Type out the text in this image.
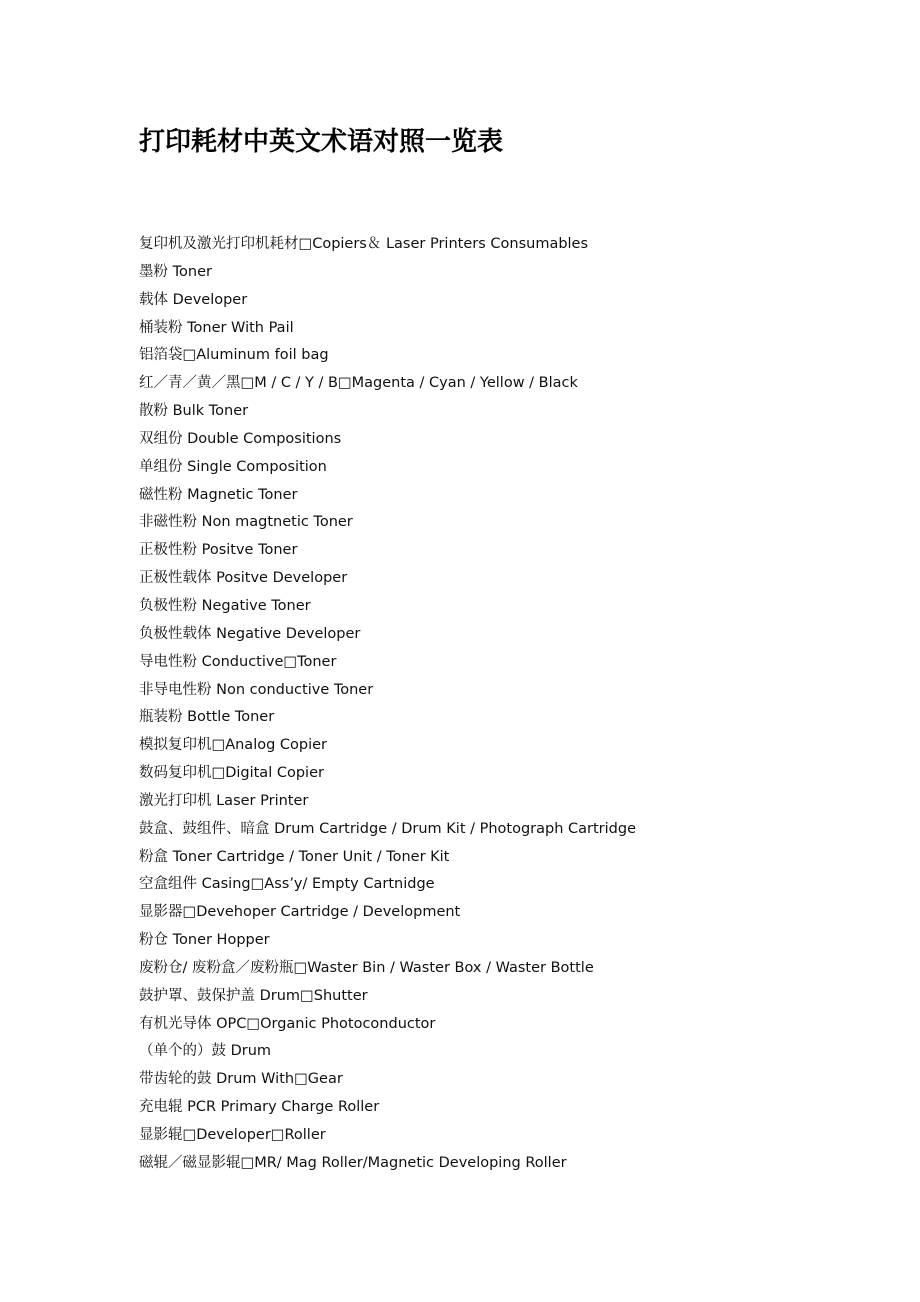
打印耗材中英文术语对照一览表
复印机及激光打印机耗材□Copiers＆ Laser Printers Consumables
墨粉 Toner
载体 Developer
桶装粉 Toner With Pail
铝箔袋□Aluminum foil bag
红／青／黄／黑□M / C / Y / B□Magenta / Cyan / Yellow / Black
散粉 Bulk Toner
双组份 Double Compositions
单组份 Single Composition
磁性粉 Magnetic Toner
非磁性粉 Non magtnetic Toner
正极性粉 Positve Toner
正极性载体 Positve Developer
负极性粉 Negative Toner
负极性载体 Negative Developer
导电性粉 Conductive□Toner
非导电性粉 Non conductive Toner
瓶装粉 Bottle Toner
模拟复印机□Analog Copier
数码复印机□Digital Copier
激光打印机 Laser Printer
鼓盒、鼓组件、暗盒 Drum Cartridge / Drum Kit / Photograph Cartridge
粉盒 Toner Cartridge / Toner Unit / Toner Kit
空盒组件 Casing□Ass’y/ Empty Cartnidge
显影器□Devehoper Cartridge / Development
粉仓 Toner Hopper
废粉仓/ 废粉盒／废粉瓶□Waster Bin / Waster Box / Waster Bottle
鼓护罩、鼓保护盖 Drum□Shutter
有机光导体 OPC□Organic Photoconductor
（单个的）鼓 Drum
带齿轮的鼓 Drum With□Gear
充电辊 PCR Primary Charge Roller
显影辊□Developer□Roller
磁辊／磁显影辊□MR/ Mag Roller/Magnetic Developing Roller
